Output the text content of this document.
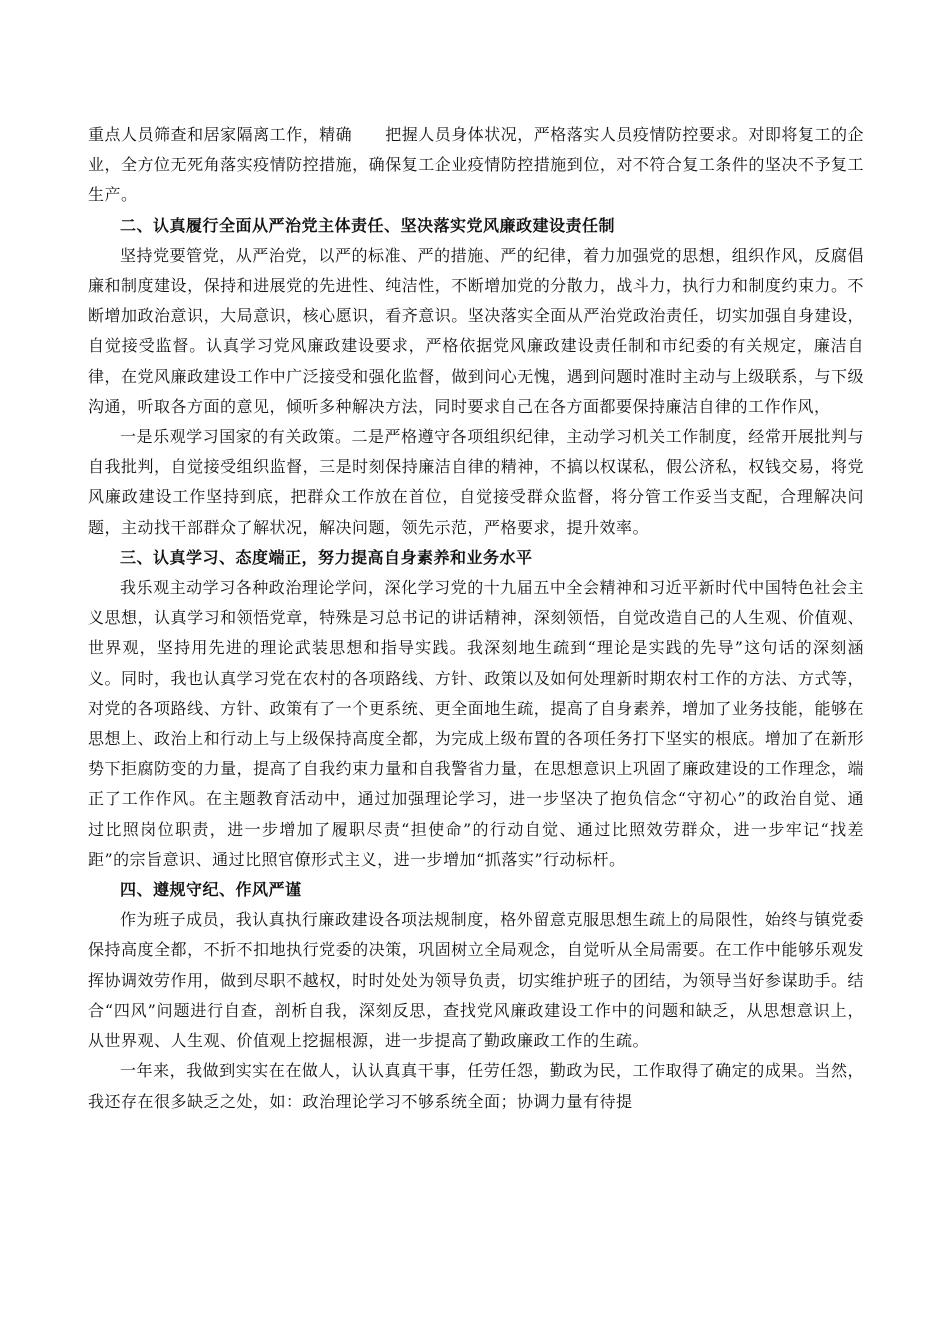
重点人员筛查和居家隔离工作，精确　　把握人员身体状况，严格落实人员疫情防控要求。对即将复工的企业，全方位无死角落实疫情防控措施，确保复工企业疫情防控措施到位，对不符合复工条件的坚决不予复工生产。

二、认真履行全面从严治党主体责任、坚决落实党风廉政建设责任制

坚持党要管党，从严治党，以严的标准、严的措施、严的纪律，着力加强党的思想，组织作风，反腐倡廉和制度建设，保持和进展党的先进性、纯洁性，不断增加党的分散力，战斗力，执行力和制度约束力。不断增加政治意识，大局意识，核心愿识，看齐意识。坚决落实全面从严治党政治责任，切实加强自身建设，自觉接受监督。认真学习党风廉政建设要求，严格依据党风廉政建设责任制和市纪委的有关规定，廉洁自律，在党风廉政建设工作中广泛接受和强化监督，做到问心无愧，遇到问题时准时主动与上级联系，与下级沟通，听取各方面的意见，倾听多种解决方法，同时要求自己在各方面都要保持廉洁自律的工作作风，

一是乐观学习国家的有关政策。二是严格遵守各项组织纪律，主动学习机关工作制度，经常开展批判与自我批判，自觉接受组织监督，三是时刻保持廉洁自律的精神，不搞以权谋私，假公济私，权钱交易，将党风廉政建设工作坚持到底，把群众工作放在首位，自觉接受群众监督，将分管工作妥当支配，合理解决问题，主动找干部群众了解状况，解决问题，领先示范，严格要求，提升效率。

三、认真学习、态度端正，努力提高自身素养和业务水平

我乐观主动学习各种政治理论学问，深化学习党的十九届五中全会精神和习近平新时代中国特色社会主义思想，认真学习和领悟党章，特殊是习总书记的讲话精神，深刻领悟，自觉改造自己的人生观、价值观、世界观，坚持用先进的理论武装思想和指导实践。我深刻地生疏到“理论是实践的先导”这句话的深刻涵义。同时，我也认真学习党在农村的各项路线、方针、政策以及如何处理新时期农村工作的方法、方式等，对党的各项路线、方针、政策有了一个更系统、更全面地生疏，提高了自身素养，增加了业务技能，能够在思想上、政治上和行动上与上级保持高度全都，为完成上级布置的各项任务打下坚实的根底。增加了在新形势下拒腐防变的力量，提高了自我约束力量和自我警省力量，在思想意识上巩固了廉政建设的工作理念，端正了工作作风。在主题教育活动中，通过加强理论学习，进一步坚决了抱负信念“守初心”的政治自觉、通过比照岗位职责，进一步增加了履职尽责“担使命”的行动自觉、通过比照效劳群众，进一步牢记“找差距”的宗旨意识、通过比照官僚形式主义，进一步增加“抓落实”行动标杆。

四、遵规守纪、作风严谨

作为班子成员，我认真执行廉政建设各项法规制度，格外留意克服思想生疏上的局限性，始终与镇党委保持高度全都，不折不扣地执行党委的决策，巩固树立全局观念，自觉听从全局需要。在工作中能够乐观发挥协调效劳作用，做到尽职不越权，时时处处为领导负责，切实维护班子的团结，为领导当好参谋助手。结合“四风”问题进行自查，剖析自我，深刻反思，查找党风廉政建设工作中的问题和缺乏，从思想意识上，从世界观、人生观、价值观上挖掘根源，进一步提高了勤政廉政工作的生疏。

一年来，我做到实实在在做人，认认真真干事，任劳任怨，勤政为民，工作取得了确定的成果。当然，我还存在很多缺乏之处，如：政治理论学习不够系统全面；协调力量有待提
